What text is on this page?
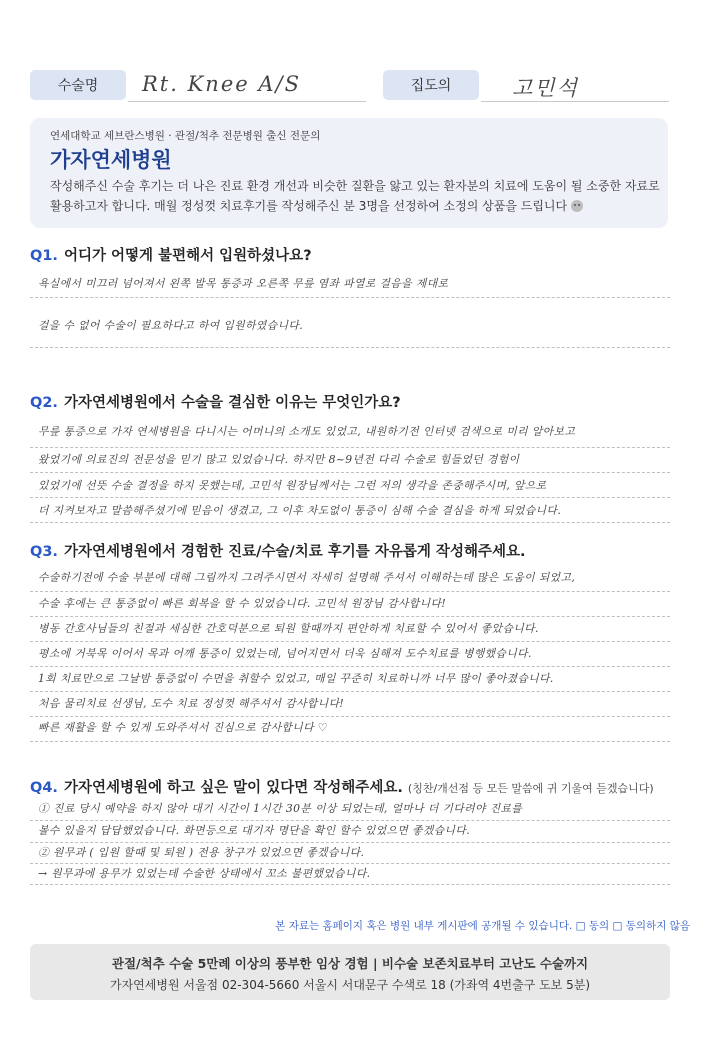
수술명	Rt. Knee A/S	집도의	고민석
연세대학교 세브란스병원 · 관절/척추 전문병원 출신 전문의
가자연세병원
작성해주신 수술 후기는 더 나은 진료 환경 개선과 비슷한 질환을 앓고 있는 환자분의 치료에 도움이 될 소중한 자료로
활용하고자 합니다. 매월 정성껏 치료후기를 작성해주신 분 3명을 선정하여 소정의 상품을 드립니다
Q1. 어디가 어떻게 불편해서 입원하셨나요?
욕실에서 미끄러 넘어져서 왼쪽 발목 통증과 오른쪽 무릎 염좌 파열로 걸음을 제대로
걸을 수 없어 수술이 필요하다고 하여 입원하였습니다.
Q2. 가자연세병원에서 수술을 결심한 이유는 무엇인가요?
무릎 통증으로 가자 연세병원을 다니시는 어머니의 소개도 있었고, 내원하기전 인터넷 검색으로 미리 알아보고
왔었기에 의료진의 전문성을 믿기 많고 있었습니다. 하지만 8~9년전 다리 수술로 힘들었던 경험이
있었기에 선뜻 수술 결정을 하지 못했는데, 고민석 원장님께서는 그런 저의 생각을 존중해주시며, 앞으로
더 지켜보자고 말씀해주셨기에 믿음이 생겼고, 그 이후 차도없이 통증이 심해 수술 결심을 하게 되었습니다.
Q3. 가자연세병원에서 경험한 진료/수술/치료 후기를 자유롭게 작성해주세요.
수술하기전에 수술 부분에 대해 그림까지 그려주시면서 자세히 설명해 주셔서 이해하는데 많은 도움이 되었고,
수술 후에는 큰 통증없이 빠른 회복을 할 수 있었습니다. 고민석 원장님 감사합니다!
병동 간호사님들의 친절과 세심한 간호덕분으로 퇴원 할때까지 편안하게 치료할 수 있어서 좋았습니다.
평소에 거북목 이어서 목과 어깨 통증이 있었는데, 넘어지면서 더욱 심해져 도수치료를 병행했습니다.
1회 치료만으로 그날밤 통증없이 수면을 취할수 있었고, 매일 꾸준히 치료하니까 너무 많이 좋아졌습니다.
처음 물리치료 선생님, 도수 치료 정성껏 해주셔서 감사합니다!
빠른 재활을 할 수 있게 도와주셔서 진심으로 감사합니다 ♡
Q4. 가자연세병원에 하고 싶은 말이 있다면 작성해주세요. (칭찬/개선점 등 모든 말씀에 귀 기울여 듣겠습니다)
① 진료 당시 예약을 하지 않아 대기 시간이 1시간 30분 이상 되었는데, 얼마나 더 기다려야 진료를
볼수 있을지 답답했었습니다. 화면등으로 대기자 명단을 확인 할수 있었으면 좋겠습니다.
② 원무과 ( 입원 할때 및 퇴원 ) 전용 창구가 있었으면 좋겠습니다.
→ 원무과에 용무가 있었는데 수술한 상태에서 꼬소 불편했었습니다.
본 자료는 홈페이지 혹은 병원 내부 게시판에 공개될 수 있습니다. □ 동의 □ 동의하지 않음
관절/척추 수술 5만례 이상의 풍부한 임상 경험 | 비수술 보존치료부터 고난도 수술까지
가자연세병원 서울점 02-304-5660 서울시 서대문구 수색로 18 (가좌역 4번출구 도보 5분)
